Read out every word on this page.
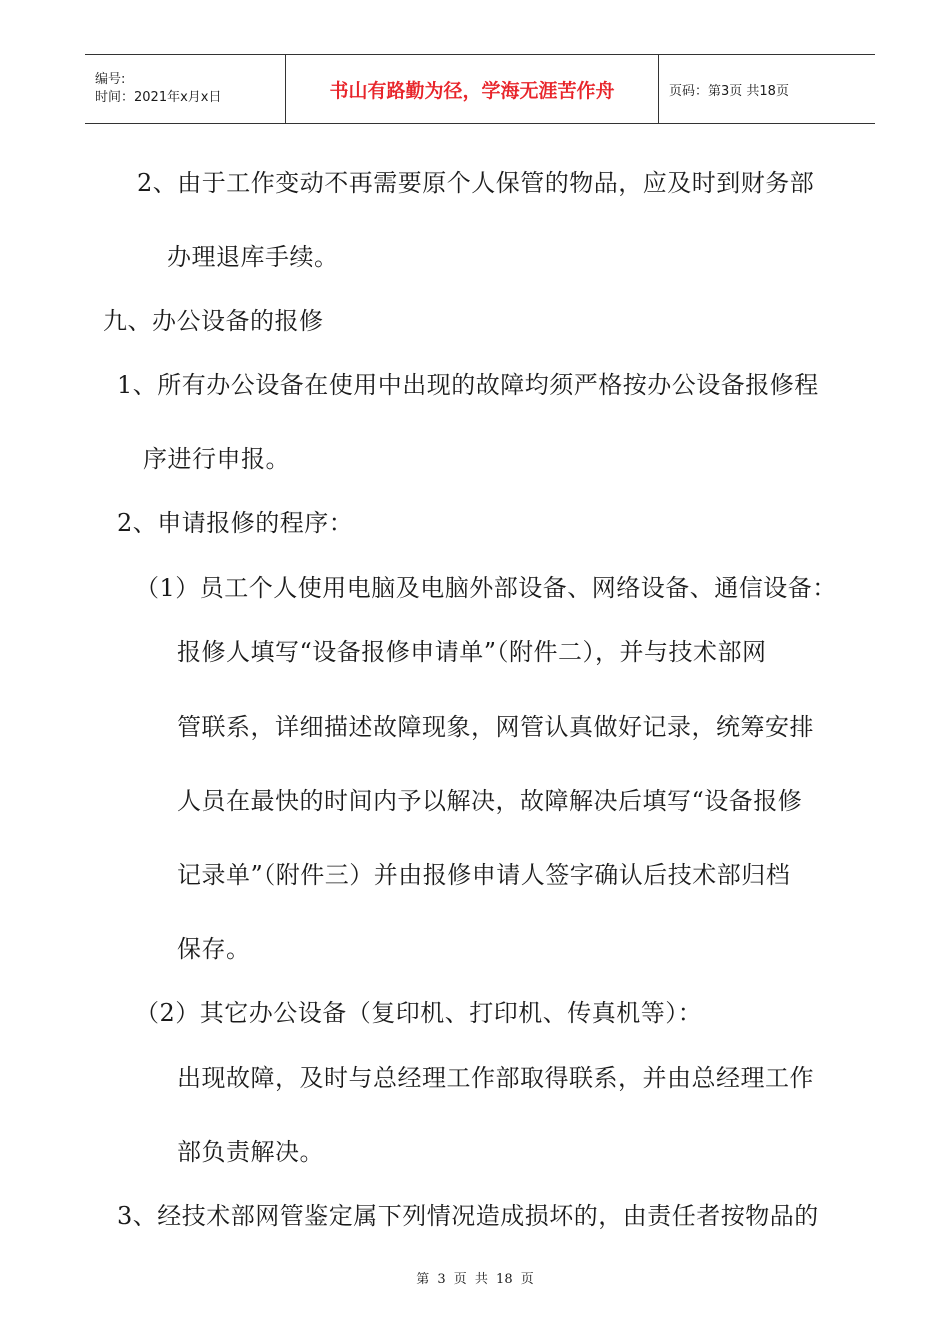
编号:
时间：2021年x月x日	书山有路勤为径，学海无涯苦作舟	页码：第3页 共18页
2、由于工作变动不再需要原个人保管的物品，应及时到财务部
办理退库手续。
九、办公设备的报修
1、所有办公设备在使用中出现的故障均须严格按办公设备报修程
序进行申报。
2、申请报修的程序：
（1）员工个人使用电脑及电脑外部设备、网络设备、通信设备：
报修人填写“设备报修申请单”（附件二），并与技术部网
管联系，详细描述故障现象，网管认真做好记录，统筹安排
人员在最快的时间内予以解决，故障解决后填写“设备报修
记录单”（附件三）并由报修申请人签字确认后技术部归档
保存。
（2）其它办公设备（复印机、打印机、传真机等）：
出现故障，及时与总经理工作部取得联系，并由总经理工作
部负责解决。
3、经技术部网管鉴定属下列情况造成损坏的，由责任者按物品的
第 3 页 共 18 页
